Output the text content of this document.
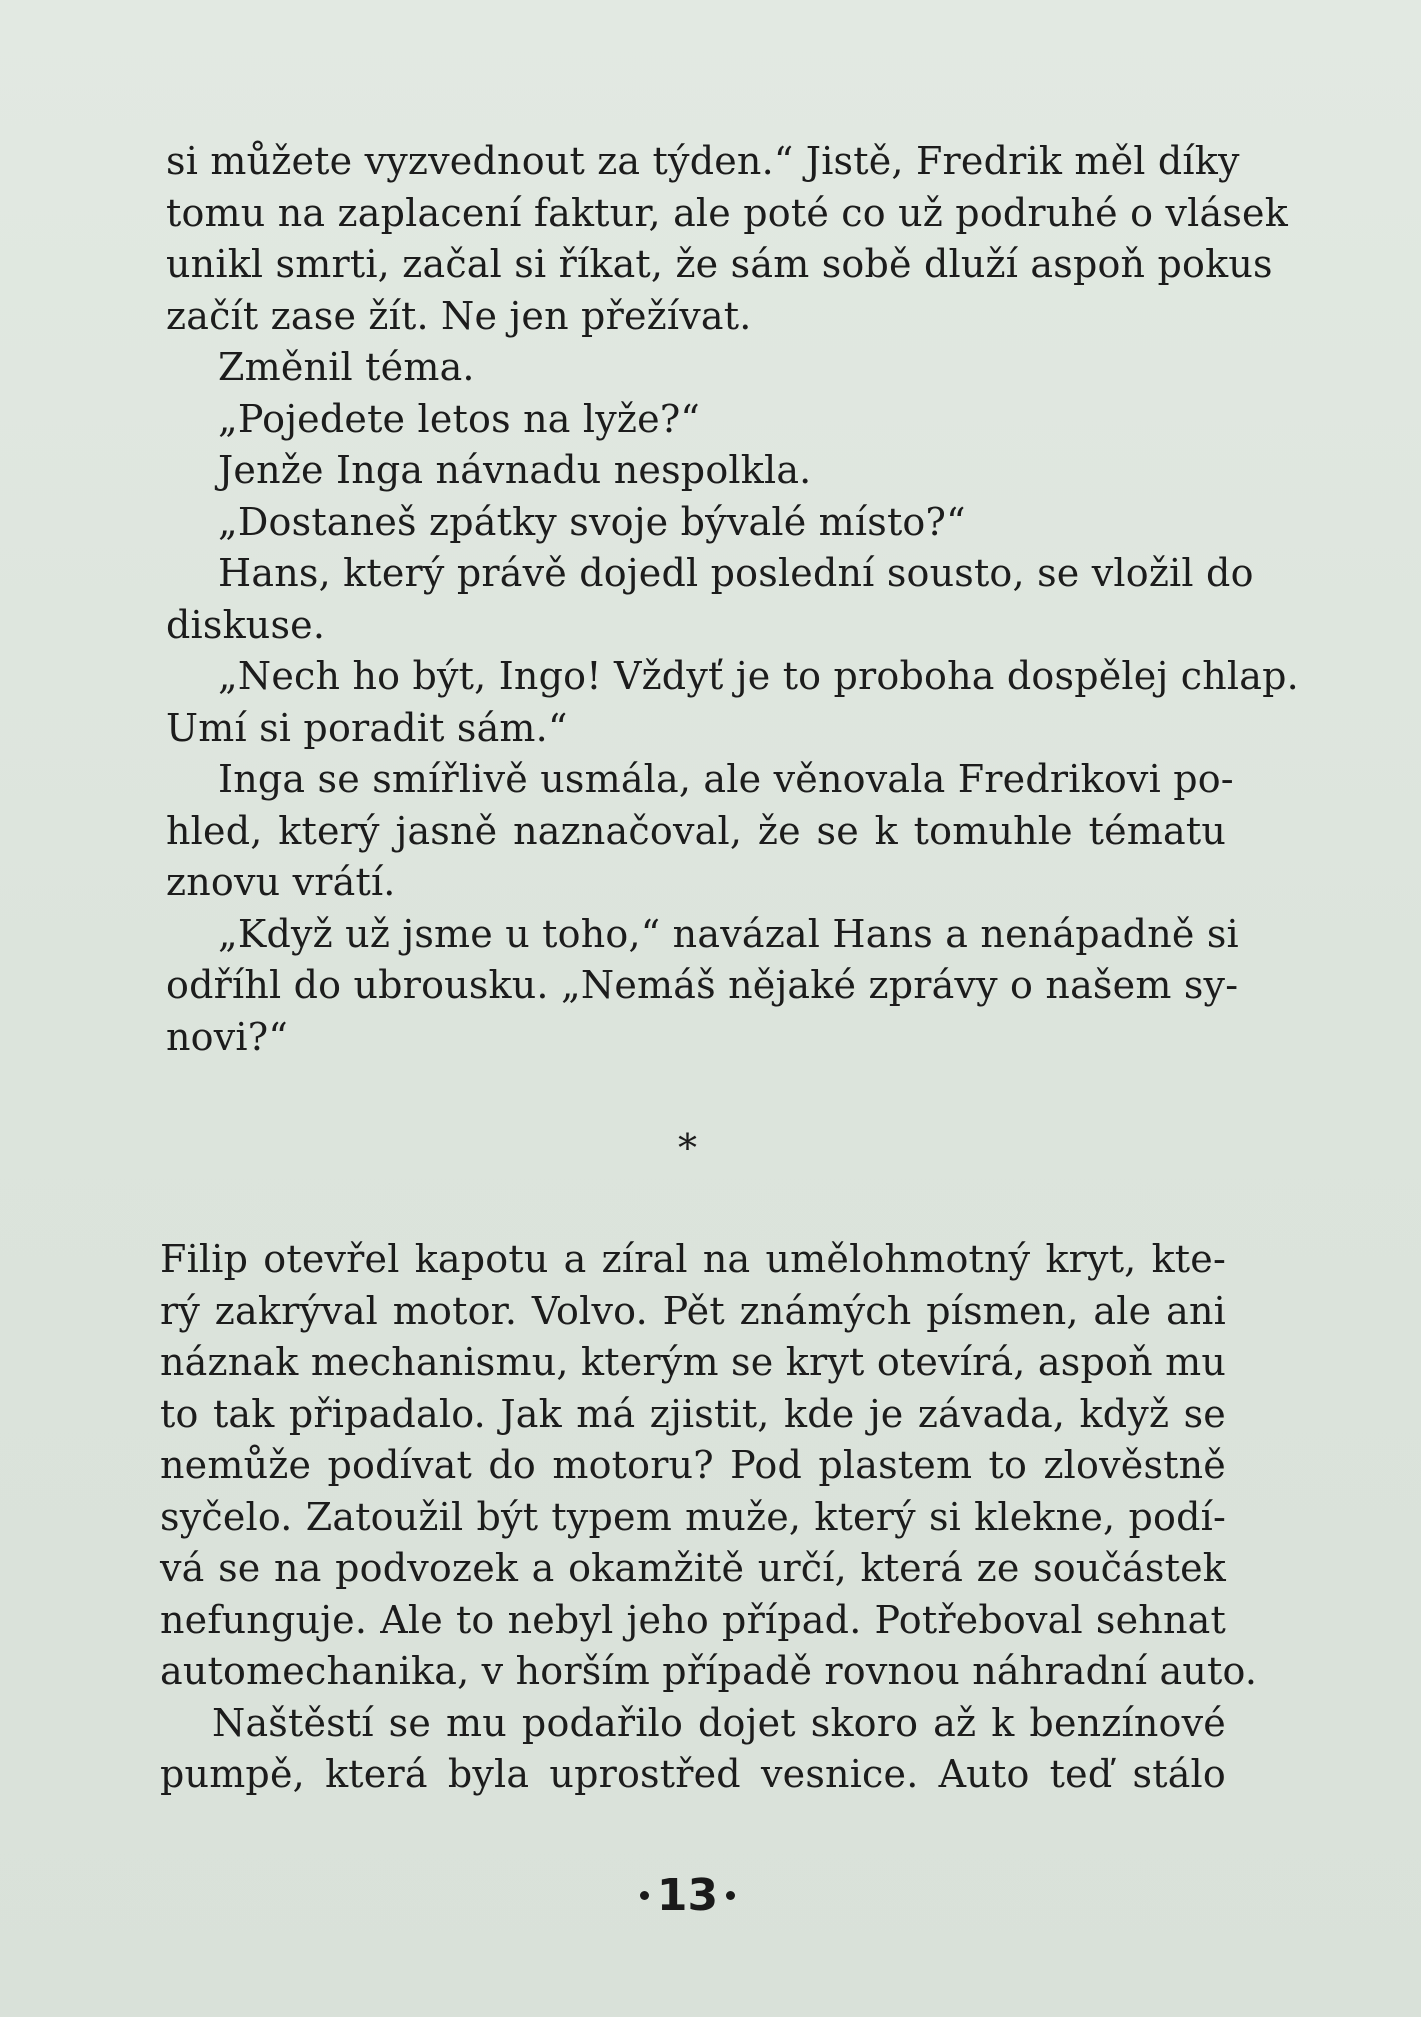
si můžete vyzvednout za týden.“ Jistě, Fredrik měl díky
tomu na zaplacení faktur, ale poté co už podruhé o vlásek
unikl smrti, začal si říkat, že sám sobě dluží aspoň pokus
začít zase žít. Ne jen přežívat.
Změnil téma.
„Pojedete letos na lyže?“
Jenže Inga návnadu nespolkla.
„Dostaneš zpátky svoje bývalé místo?“
Hans, který právě dojedl poslední sousto, se vložil do
diskuse.
„Nech ho být, Ingo! Vždyť je to proboha dospělej chlap.
Umí si poradit sám.“
Inga se smířlivě usmála, ale věnovala Fredrikovi po-
hled, který jasně naznačoval, že se k tomuhle tématu
znovu vrátí.
„Když už jsme u toho,“ navázal Hans a nenápadně si
odříhl do ubrousku. „Nemáš nějaké zprávy o našem sy-
novi?“
*
Filip otevřel kapotu a zíral na umělohmotný kryt, kte-
rý zakrýval motor. Volvo. Pět známých písmen, ale ani
náznak mechanismu, kterým se kryt otevírá, aspoň mu
to tak připadalo. Jak má zjistit, kde je závada, když se
nemůže podívat do motoru? Pod plastem to zlověstně
syčelo. Zatoužil být typem muže, který si klekne, podí-
vá se na podvozek a okamžitě určí, která ze součástek
nefunguje. Ale to nebyl jeho případ. Potřeboval sehnat
automechanika, v horším případě rovnou náhradní auto.
Naštěstí se mu podařilo dojet skoro až k benzínové
pumpě, která byla uprostřed vesnice. Auto teď stálo
13
